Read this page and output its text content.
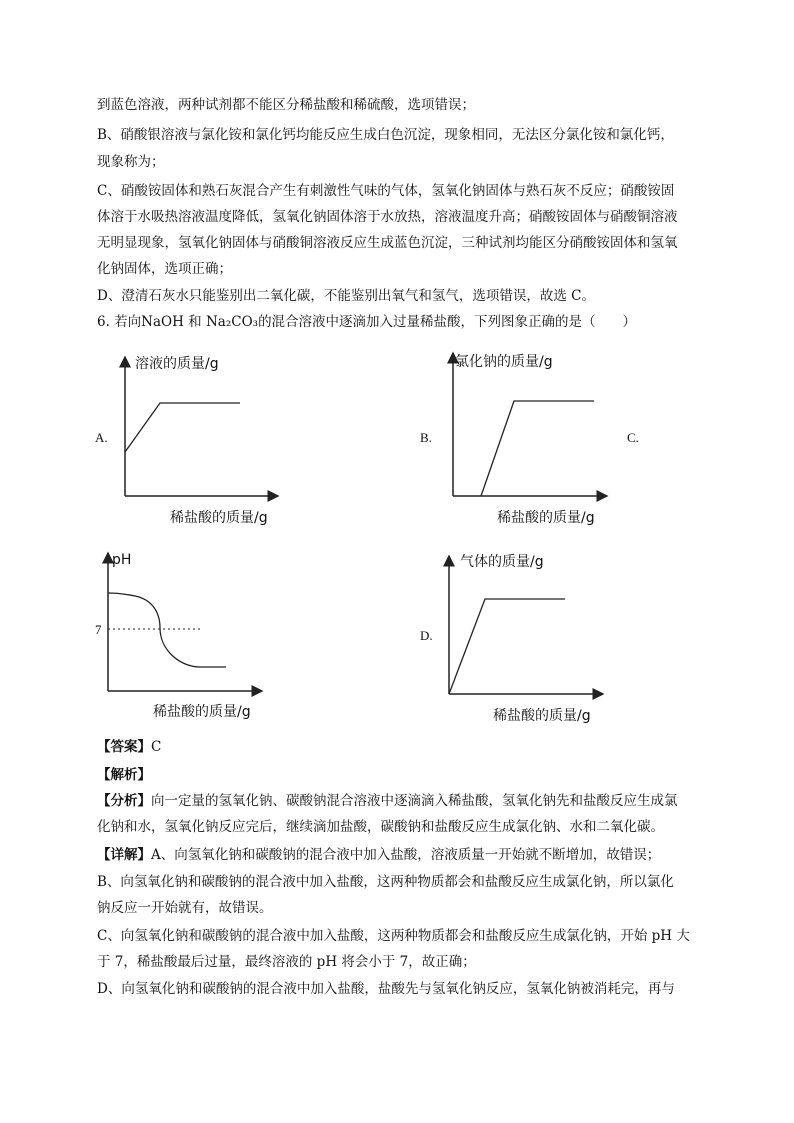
到蓝色溶液，两种试剂都不能区分稀盐酸和稀硫酸，选项错误；
B、硝酸银溶液与氯化铵和氯化钙均能反应生成白色沉淀，现象相同，无法区分氯化铵和氯化钙，
现象称为；
C、硝酸铵固体和熟石灰混合产生有刺激性气味的气体，氢氧化钠固体与熟石灰不反应；硝酸铵固
体溶于水吸热溶液温度降低，氢氧化钠固体溶于水放热，溶液温度升高；硝酸铵固体与硝酸铜溶液
无明显现象，氢氧化钠固体与硝酸铜溶液反应生成蓝色沉淀，三种试剂均能区分硝酸铵固体和氢氧
化钠固体，选项正确；
D、澄清石灰水只能鉴别出二氧化碳，不能鉴别出氧气和氢气，选项错误，故选 C。
6. 若向NaOH 和 Na₂CO₃的混合溶液中逐滴加入过量稀盐酸，下列图象正确的是（　　）
溶液的质量/g
A.
稀盐酸的质量/g
氯化钠的质量/g
B.
稀盐酸的质量/g
C.
pH
7
稀盐酸的质量/g
气体的质量/g
D.
稀盐酸的质量/g
【答案】C
【解析】
【分析】向一定量的氢氧化钠、碳酸钠混合溶液中逐滴滴入稀盐酸，氢氧化钠先和盐酸反应生成氯
化钠和水，氢氧化钠反应完后，继续滴加盐酸，碳酸钠和盐酸反应生成氯化钠、水和二氧化碳。
【详解】A、向氢氧化钠和碳酸钠的混合液中加入盐酸，溶液质量一开始就不断增加，故错误；
B、向氢氧化钠和碳酸钠的混合液中加入盐酸，这两种物质都会和盐酸反应生成氯化钠，所以氯化
钠反应一开始就有，故错误。
C、向氢氧化钠和碳酸钠的混合液中加入盐酸，这两种物质都会和盐酸反应生成氯化钠，开始 pH 大
于 7，稀盐酸最后过量，最终溶液的 pH 将会小于 7，故正确；
D、向氢氧化钠和碳酸钠的混合液中加入盐酸，盐酸先与氢氧化钠反应，氢氧化钠被消耗完，再与
